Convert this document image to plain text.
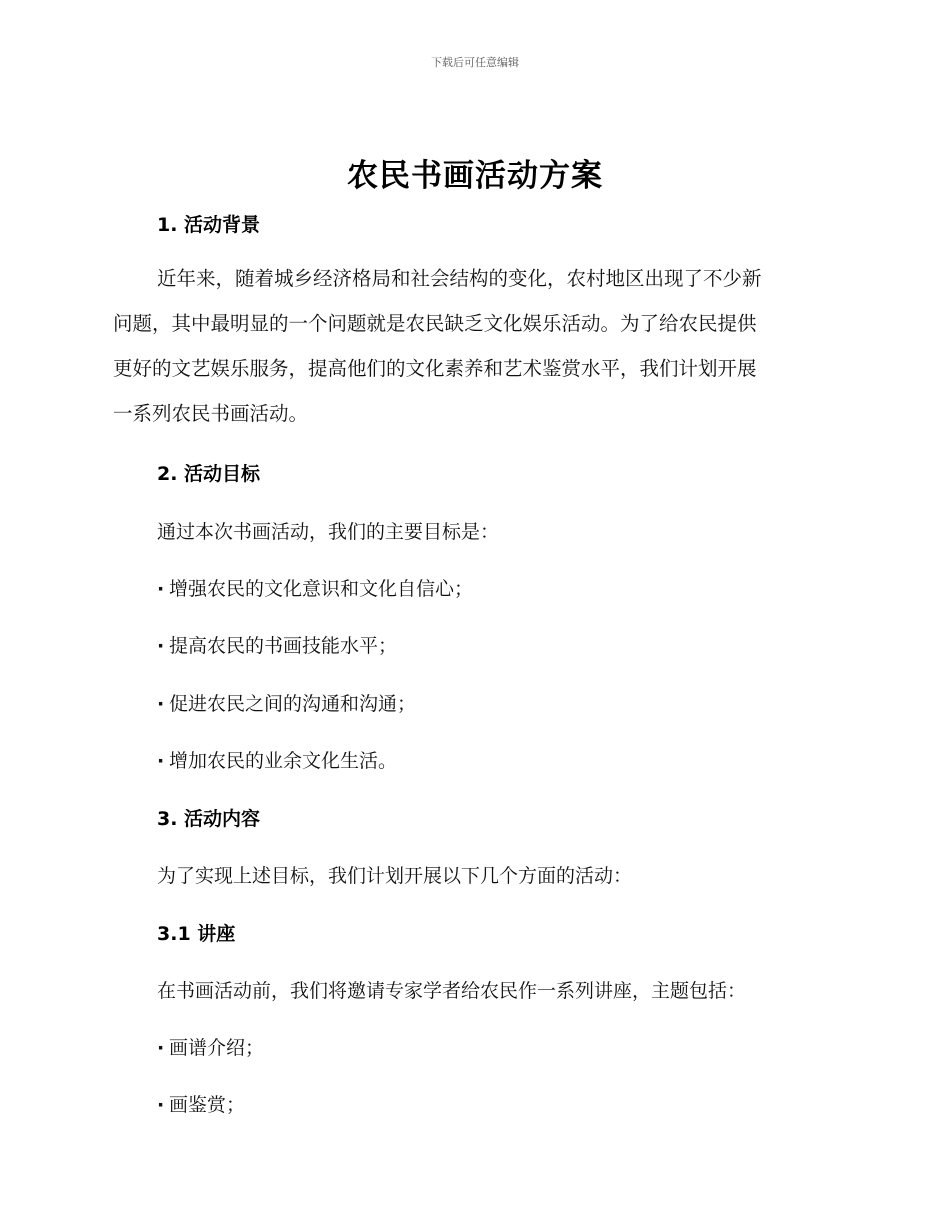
下载后可任意编辑
农民书画活动方案
1. 活动背景
近年来，随着城乡经济格局和社会结构的变化，农村地区出现了不少新
问题，其中最明显的一个问题就是农民缺乏文化娱乐活动。为了给农民提供
更好的文艺娱乐服务，提高他们的文化素养和艺术鉴赏水平，我们计划开展
一系列农民书画活动。
2. 活动目标
通过本次书画活动，我们的主要目标是：
· 增强农民的文化意识和文化自信心；
· 提高农民的书画技能水平；
· 促进农民之间的沟通和沟通；
· 增加农民的业余文化生活。
3. 活动内容
为了实现上述目标，我们计划开展以下几个方面的活动：
3.1 讲座
在书画活动前，我们将邀请专家学者给农民作一系列讲座，主题包括：
· 画谱介绍；
· 画鉴赏；
